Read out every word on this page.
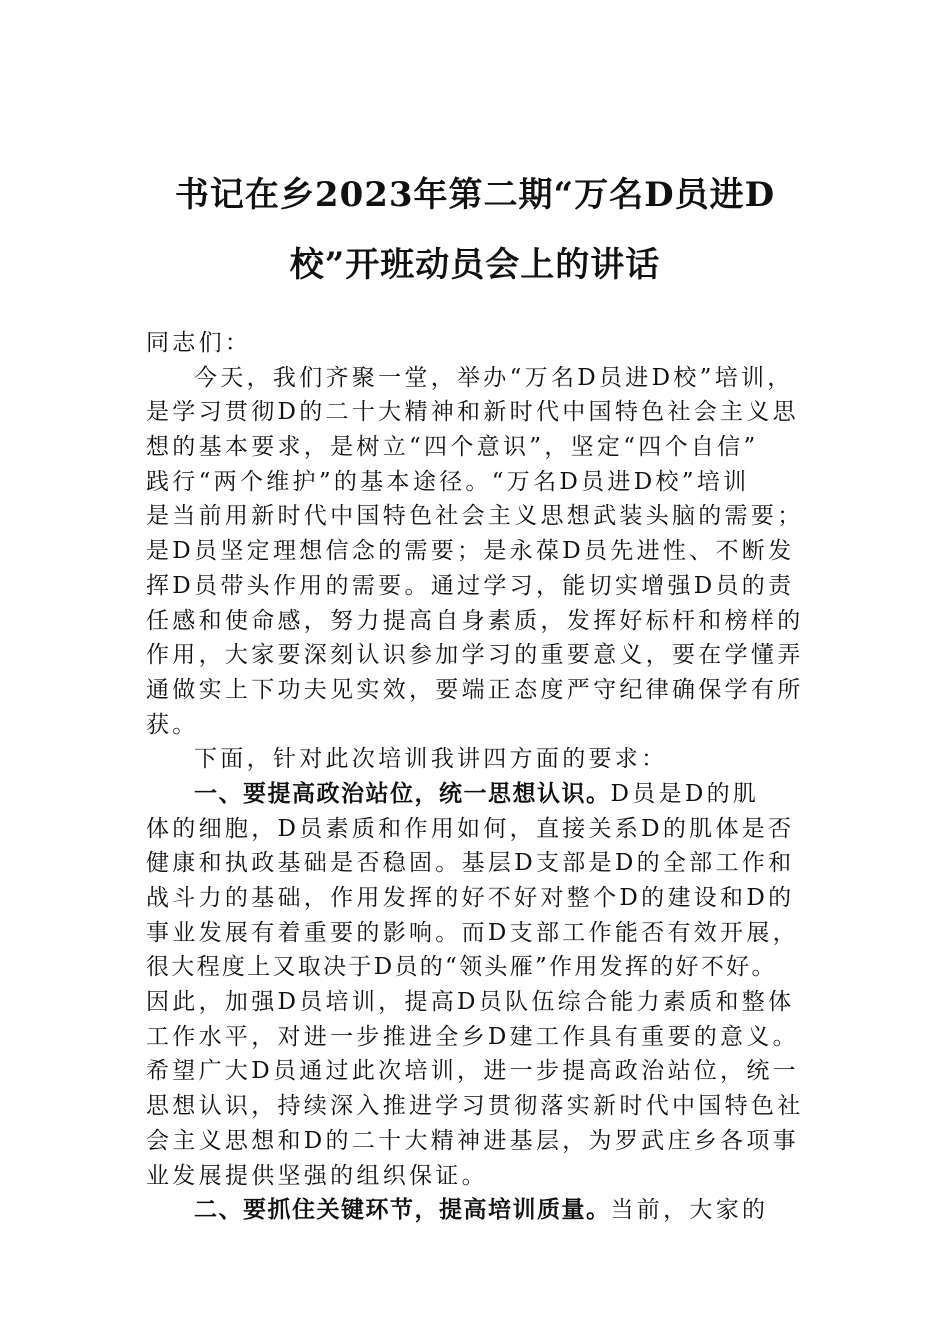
书记在乡2023年第二期“万名D员进D
校”开班动员会上的讲话
同志们：
今天，我们齐聚一堂，举办“万名D员进D校”培训，
是学习贯彻D的二十大精神和新时代中国特色社会主义思
想的基本要求，是树立“四个意识”，坚定“四个自信”
践行“两个维护”的基本途径。“万名D员进D校”培训
是当前用新时代中国特色社会主义思想武装头脑的需要；
是D员坚定理想信念的需要；是永葆D员先进性、不断发
挥D员带头作用的需要。通过学习，能切实增强D员的责
任感和使命感，努力提高自身素质，发挥好标杆和榜样的
作用，大家要深刻认识参加学习的重要意义，要在学懂弄
通做实上下功夫见实效，要端正态度严守纪律确保学有所
获。
下面，针对此次培训我讲四方面的要求：
一、要提高政治站位，统一思想认识。D员是D的肌
体的细胞，D员素质和作用如何，直接关系D的肌体是否
健康和执政基础是否稳固。基层D支部是D的全部工作和
战斗力的基础，作用发挥的好不好对整个D的建设和D的
事业发展有着重要的影响。而D支部工作能否有效开展，
很大程度上又取决于D员的“领头雁”作用发挥的好不好。
因此，加强D员培训，提高D员队伍综合能力素质和整体
工作水平，对进一步推进全乡D建工作具有重要的意义。
希望广大D员通过此次培训，进一步提高政治站位，统一
思想认识，持续深入推进学习贯彻落实新时代中国特色社
会主义思想和D的二十大精神进基层，为罗武庄乡各项事
业发展提供坚强的组织保证。
二、要抓住关键环节，提高培训质量。当前，大家的
